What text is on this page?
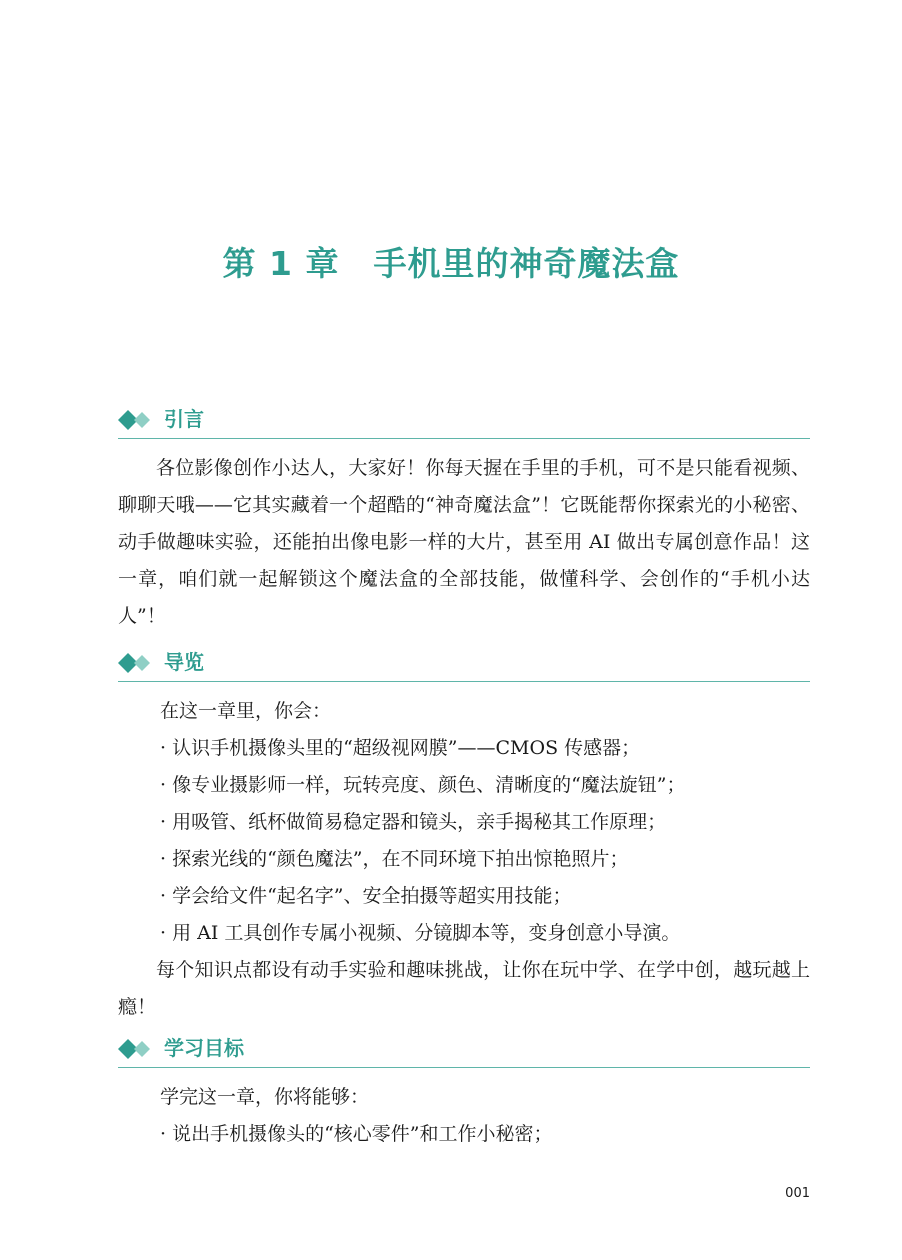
第 1 章　手机里的神奇魔法盒
引言
各位影像创作小达人，大家好！你每天握在手里的手机，可不是只能看视频、聊聊天哦——它其实藏着一个超酷的“神奇魔法盒”！它既能帮你探索光的小秘密、动手做趣味实验，还能拍出像电影一样的大片，甚至用 AI 做出专属创意作品！这一章，咱们就一起解锁这个魔法盒的全部技能，做懂科学、会创作的“手机小达人”！
导览
在这一章里，你会：
· 认识手机摄像头里的“超级视网膜”——CMOS 传感器；
· 像专业摄影师一样，玩转亮度、颜色、清晰度的“魔法旋钮”；
· 用吸管、纸杯做简易稳定器和镜头，亲手揭秘其工作原理；
· 探索光线的“颜色魔法”，在不同环境下拍出惊艳照片；
· 学会给文件“起名字”、安全拍摄等超实用技能；
· 用 AI 工具创作专属小视频、分镜脚本等，变身创意小导演。
每个知识点都设有动手实验和趣味挑战，让你在玩中学、在学中创，越玩越上瘾！
学习目标
学完这一章，你将能够：
· 说出手机摄像头的“核心零件”和工作小秘密；
001
